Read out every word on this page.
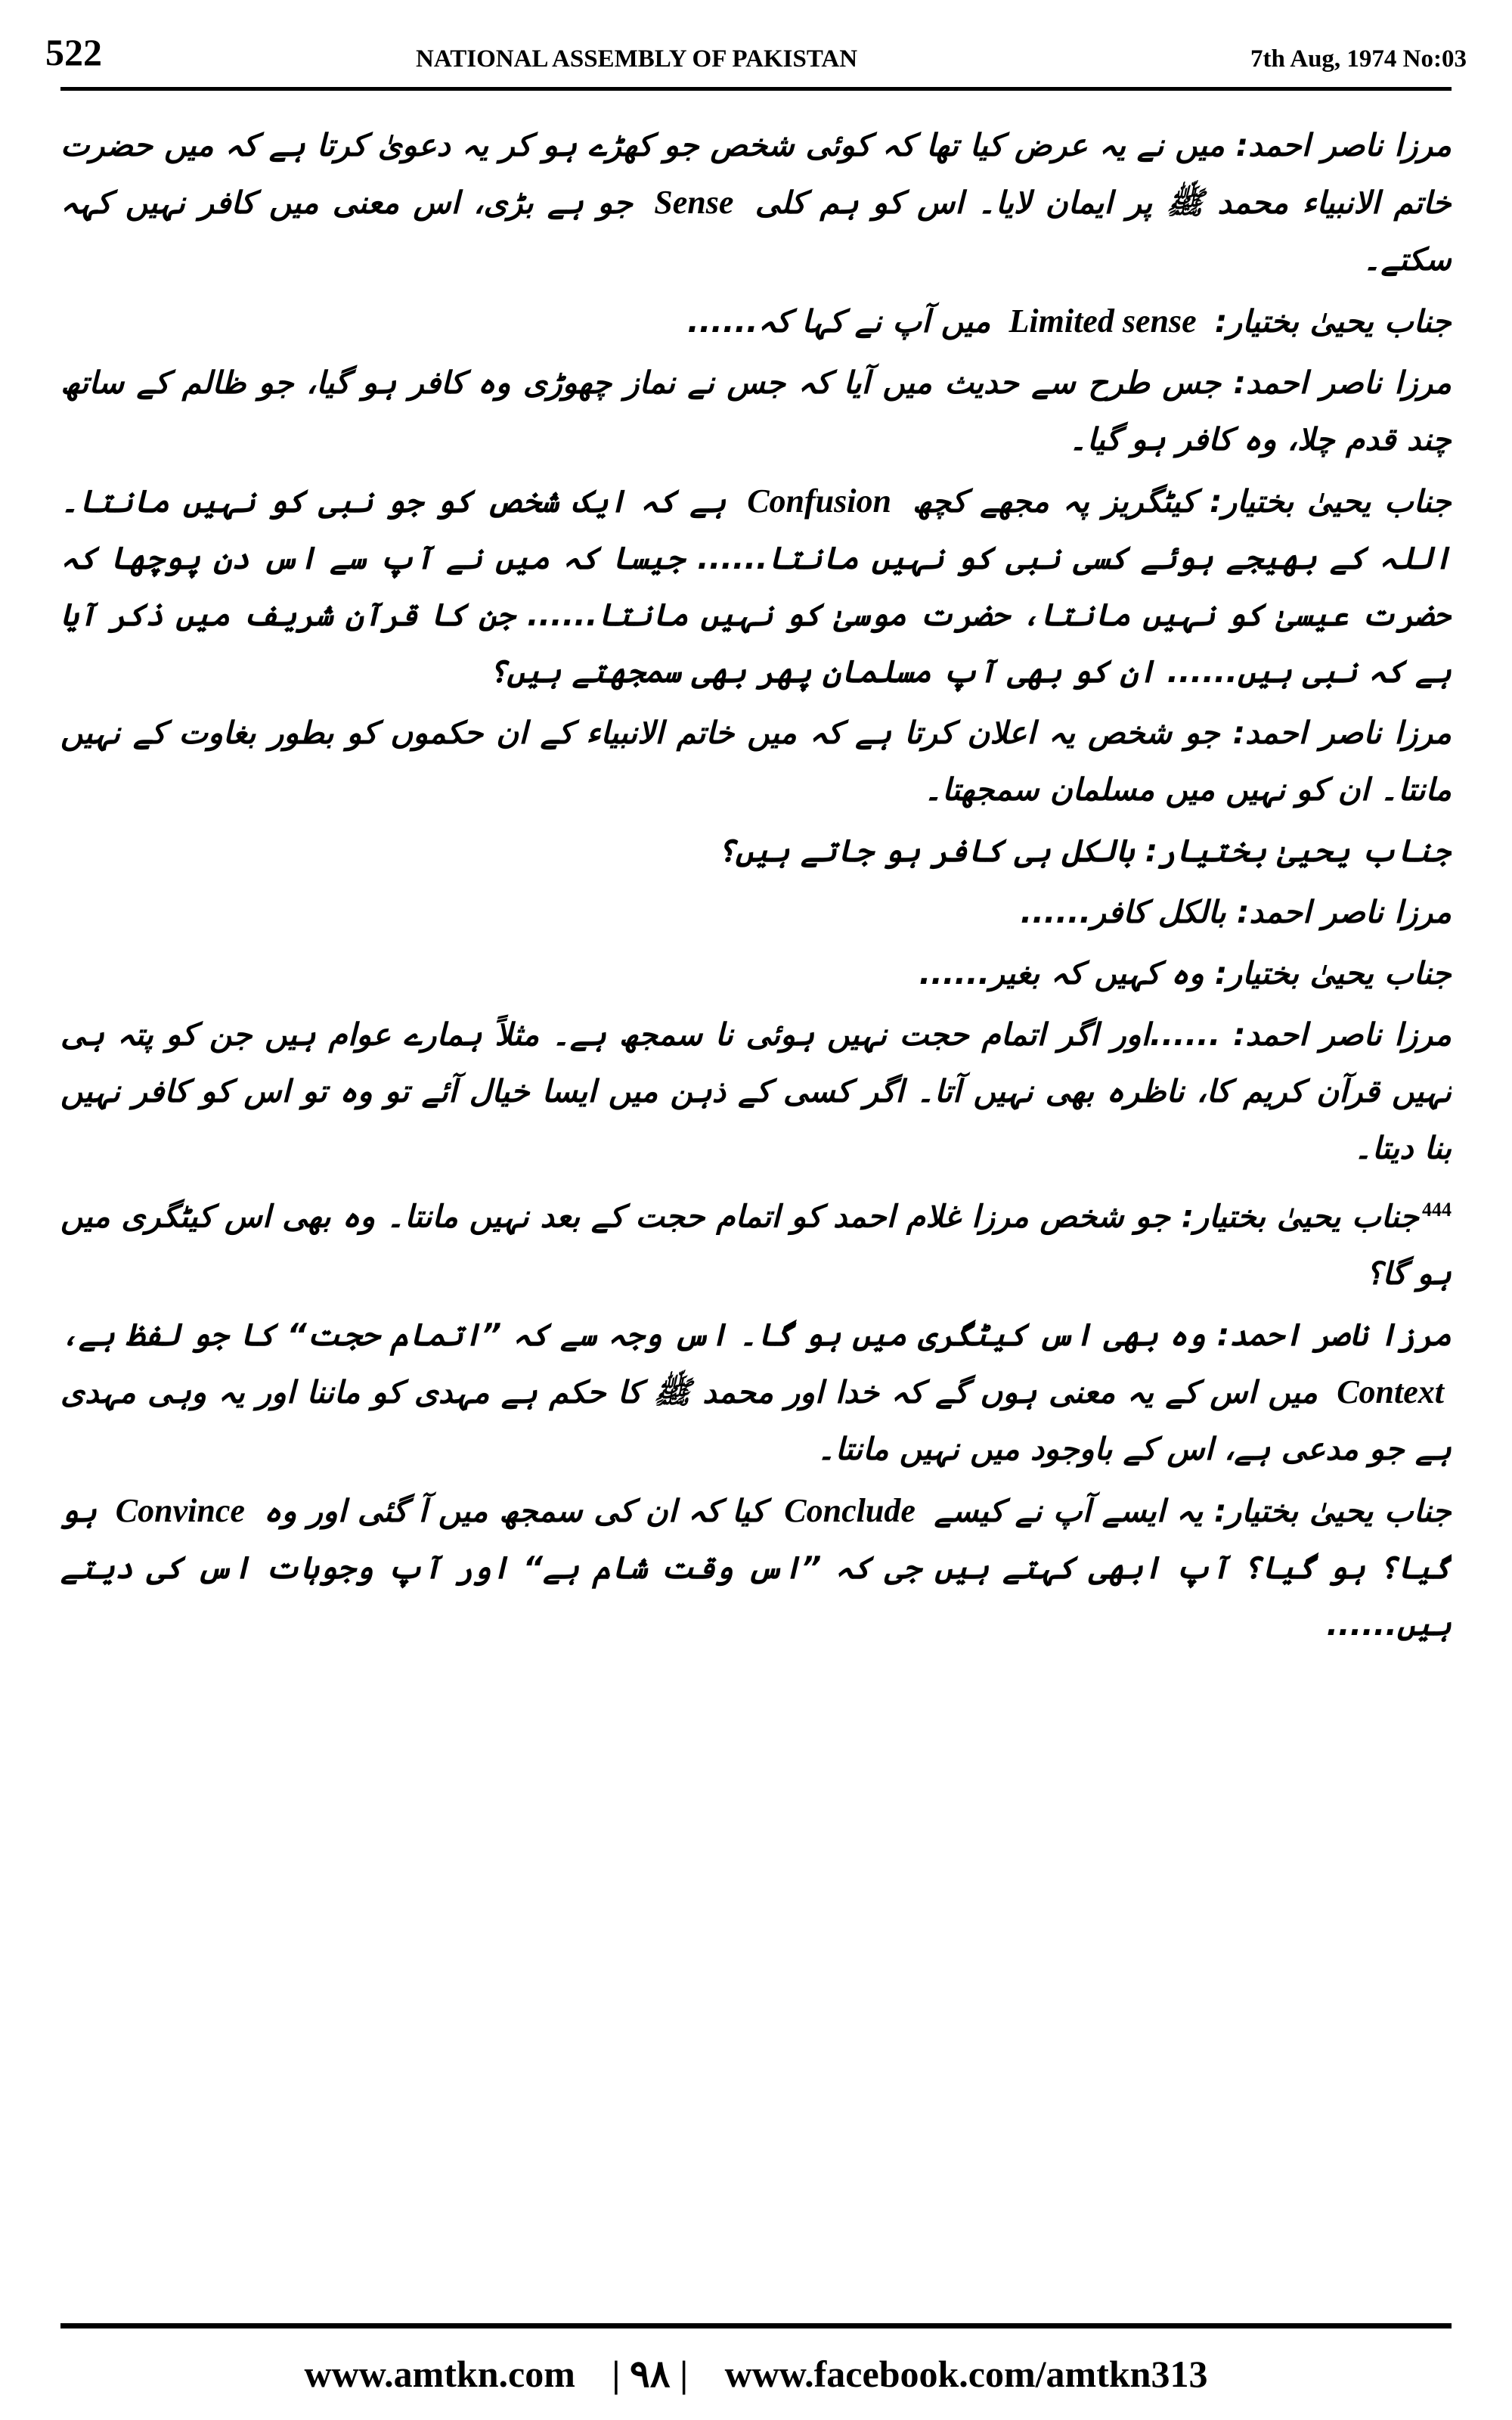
522	NATIONAL ASSEMBLY OF PAKISTAN	7th Aug, 1974 No:03

مرزا ناصر احمد:میں نے یہ عرض کیا تھا کہ کوئی شخص جو کھڑے ہو کر یہ دعویٰ کرتا ہے کہ میں حضرت خاتم الانبیاء محمد ﷺ پر ایمان لایا۔ اس کو ہم کلی Sense جو ہے بڑی، اس معنی میں کافر نہیں کہہ سکتے۔

جناب یحییٰ بختیار:Limited sense میں آپ نے کہا کہ......

مرزا ناصر احمد:جس طرح سے حدیث میں آیا کہ جس نے نماز چھوڑی وہ کافر ہو گیا، جو ظالم کے ساتھ چند قدم چلا، وہ کافر ہو گیا۔

جناب یحییٰ بختیار:کیٹگریز پہ مجھے کچھ Confusion ہے کہ ایک شخص کو جو نبی کو نہیں مانتا۔ اللہ کے بھیجے ہوئے کسی نبی کو نہیں مانتا...... جیسا کہ میں نے آپ سے اس دن پوچھا کہ حضرت عیسیٰ کو نہیں مانتا، حضرت موسیٰ کو نہیں مانتا...... جن کا قرآن شریف میں ذکر آیا ہے کہ نبی ہیں...... ان کو بھی آپ مسلمان پھر بھی سمجھتے ہیں؟

مرزا ناصر احمد:جو شخص یہ اعلان کرتا ہے کہ میں خاتم الانبیاء کے ان حکموں کو بطور بغاوت کے نہیں مانتا۔ ان کو نہیں میں مسلمان سمجھتا۔

جناب یحییٰ بختیار:بالکل ہی کافر ہو جاتے ہیں؟

مرزا ناصر احمد:بالکل کافر......

جناب یحییٰ بختیار:وہ کہیں کہ بغیر......

مرزا ناصر احمد:......اور اگر اتمام حجت نہیں ہوئی نا سمجھ ہے۔ مثلاً ہمارے عوام ہیں جن کو پتہ ہی نہیں قرآن کریم کا، ناظرہ بھی نہیں آتا۔ اگر کسی کے ذہن میں ایسا خیال آئے تو وہ تو اس کو کافر نہیں بنا دیتا۔

$^{444}$جناب یحییٰ بختیار:جو شخص مرزا غلام احمد کو اتمام حجت کے بعد نہیں مانتا۔ وہ بھی اس کیٹگری میں ہو گا؟

مرزا ناصر احمد:وہ بھی اس کیٹگری میں ہو گا۔ اس وجہ سے کہ ”اتمام حجت“ کا جو لفظ ہے، Context میں اس کے یہ معنی ہوں گے کہ خدا اور محمد ﷺ کا حکم ہے مہدی کو ماننا اور یہ وہی مہدی ہے جو مدعی ہے، اس کے باوجود میں نہیں مانتا۔

جناب یحییٰ بختیار:یہ ایسے آپ نے کیسے Conclude کیا کہ ان کی سمجھ میں آ گئی اور وہ Convince ہو گیا؟ ہو گیا؟ آپ ابھی کہتے ہیں جی کہ ”اس وقت شام ہے“ اور آپ وجوہات اس کی دیتے ہیں......

www.amtkn.com | ۹۸ | www.facebook.com/amtkn313
